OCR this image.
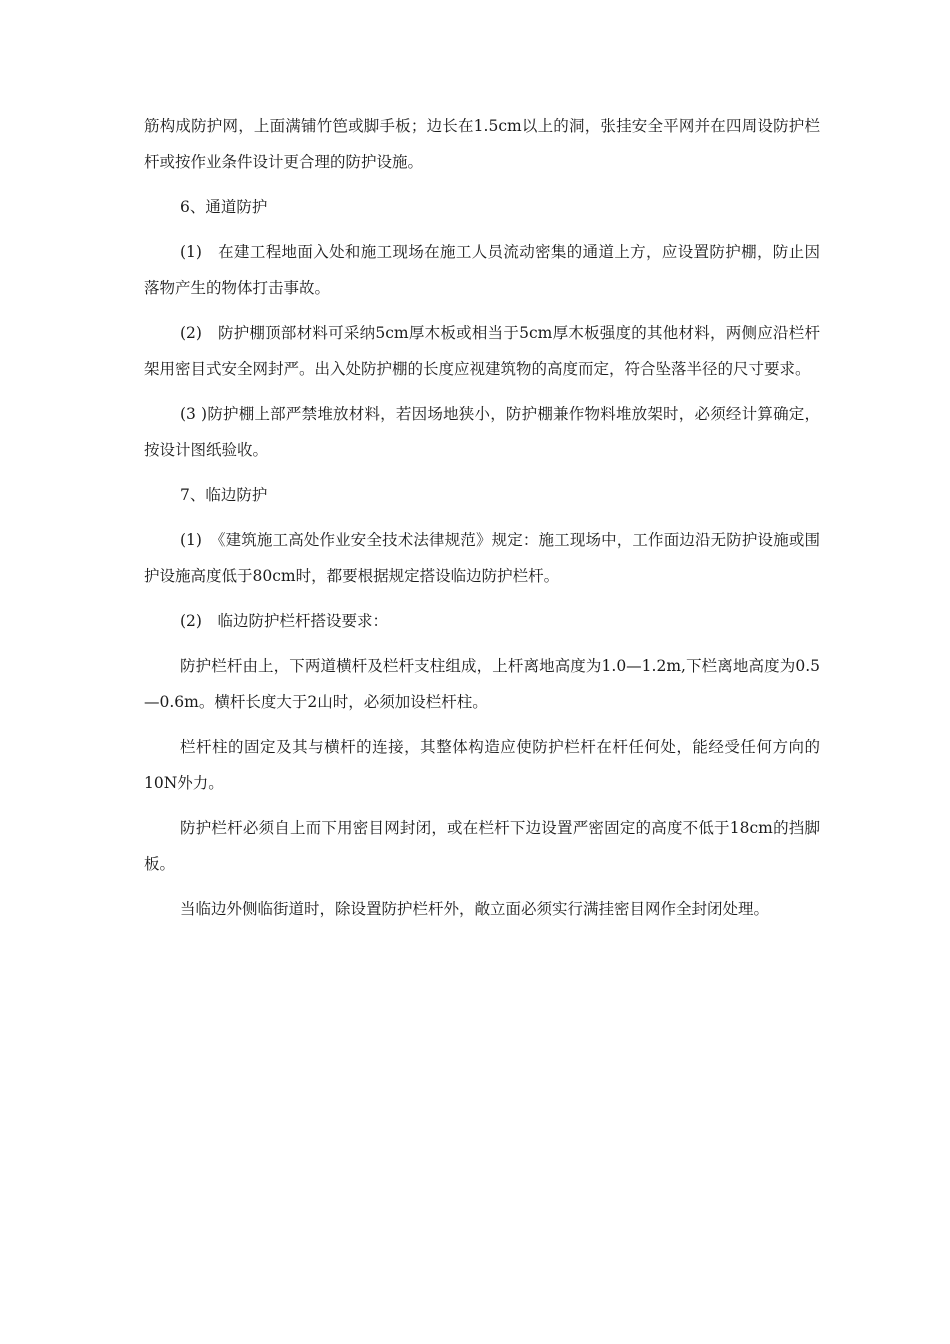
筋构成防护网，上面满铺竹笆或脚手板；边长在1.5cm以上的洞，张挂安全平网并在四周设防护栏杆或按作业条件设计更合理的防护设施。

6、通道防护

(1)　在建工程地面入处和施工现场在施工人员流动密集的通道上方，应设置防护棚，防止因落物产生的物体打击事故。

(2)　防护棚顶部材料可采纳5cm厚木板或相当于5cm厚木板强度的其他材料，两侧应沿栏杆架用密目式安全网封严。出入处防护棚的长度应视建筑物的高度而定，符合坠落半径的尺寸要求。

(3 )防护棚上部严禁堆放材料，若因场地狭小，防护棚兼作物料堆放架时，必须经计算确定，按设计图纸验收。

7、临边防护

(1)　《建筑施工高处作业安全技术法律规范》规定：施工现场中，工作面边沿无防护设施或围护设施高度低于80cm时，都要根据规定搭设临边防护栏杆。

(2)　临边防护栏杆搭设要求：

防护栏杆由上，下两道横杆及栏杆支柱组成，上杆离地高度为1.0—1.2m,下栏离地高度为0.5 —0.6m。横杆长度大于2山时，必须加设栏杆柱。

栏杆柱的固定及其与横杆的连接，其整体构造应使防护栏杆在杆任何处，能经受任何方向的10N外力。

防护栏杆必须自上而下用密目网封闭，或在栏杆下边设置严密固定的高度不低于18cm的挡脚板。

当临边外侧临街道时，除设置防护栏杆外，敞立面必须实行满挂密目网作全封闭处理。
